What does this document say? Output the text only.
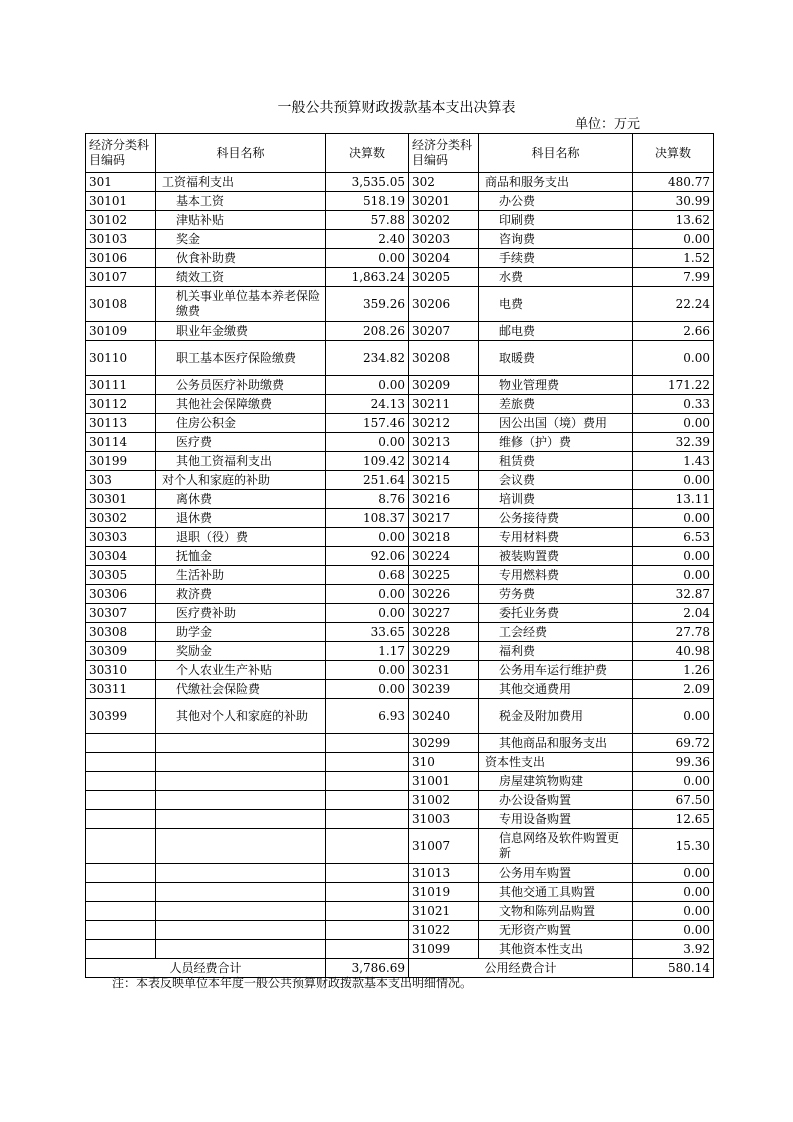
一般公共预算财政拨款基本支出决算表
单位：万元
经济分类科目编码	科目名称	决算数	经济分类科目编码	科目名称	决算数
301	工资福利支出	3,535.05	302	商品和服务支出	480.77
30101	基本工资	518.19	30201	办公费	30.99
30102	津贴补贴	57.88	30202	印刷费	13.62
30103	奖金	2.40	30203	咨询费	0.00
30106	伙食补助费	0.00	30204	手续费	1.52
30107	绩效工资	1,863.24	30205	水费	7.99
30108	机关事业单位基本养老保险缴费	359.26	30206	电费	22.24
30109	职业年金缴费	208.26	30207	邮电费	2.66
30110	职工基本医疗保险缴费	234.82	30208	取暖费	0.00
30111	公务员医疗补助缴费	0.00	30209	物业管理费	171.22
30112	其他社会保障缴费	24.13	30211	差旅费	0.33
30113	住房公积金	157.46	30212	因公出国（境）费用	0.00
30114	医疗费	0.00	30213	维修（护）费	32.39
30199	其他工资福利支出	109.42	30214	租赁费	1.43
303	对个人和家庭的补助	251.64	30215	会议费	0.00
30301	离休费	8.76	30216	培训费	13.11
30302	退休费	108.37	30217	公务接待费	0.00
30303	退职（役）费	0.00	30218	专用材料费	6.53
30304	抚恤金	92.06	30224	被装购置费	0.00
30305	生活补助	0.68	30225	专用燃料费	0.00
30306	救济费	0.00	30226	劳务费	32.87
30307	医疗费补助	0.00	30227	委托业务费	2.04
30308	助学金	33.65	30228	工会经费	27.78
30309	奖励金	1.17	30229	福利费	40.98
30310	个人农业生产补贴	0.00	30231	公务用车运行维护费	1.26
30311	代缴社会保险费	0.00	30239	其他交通费用	2.09
30399	其他对个人和家庭的补助	6.93	30240	税金及附加费用	0.00
			30299	其他商品和服务支出	69.72
			310	资本性支出	99.36
			31001	房屋建筑物购建	0.00
			31002	办公设备购置	67.50
			31003	专用设备购置	12.65
			31007	信息网络及软件购置更新	15.30
			31013	公务用车购置	0.00
			31019	其他交通工具购置	0.00
			31021	文物和陈列品购置	0.00
			31022	无形资产购置	0.00
			31099	其他资本性支出	3.92
人员经费合计		3,786.69	公用经费合计		580.14
注：本表反映单位本年度一般公共预算财政拨款基本支出明细情况。
